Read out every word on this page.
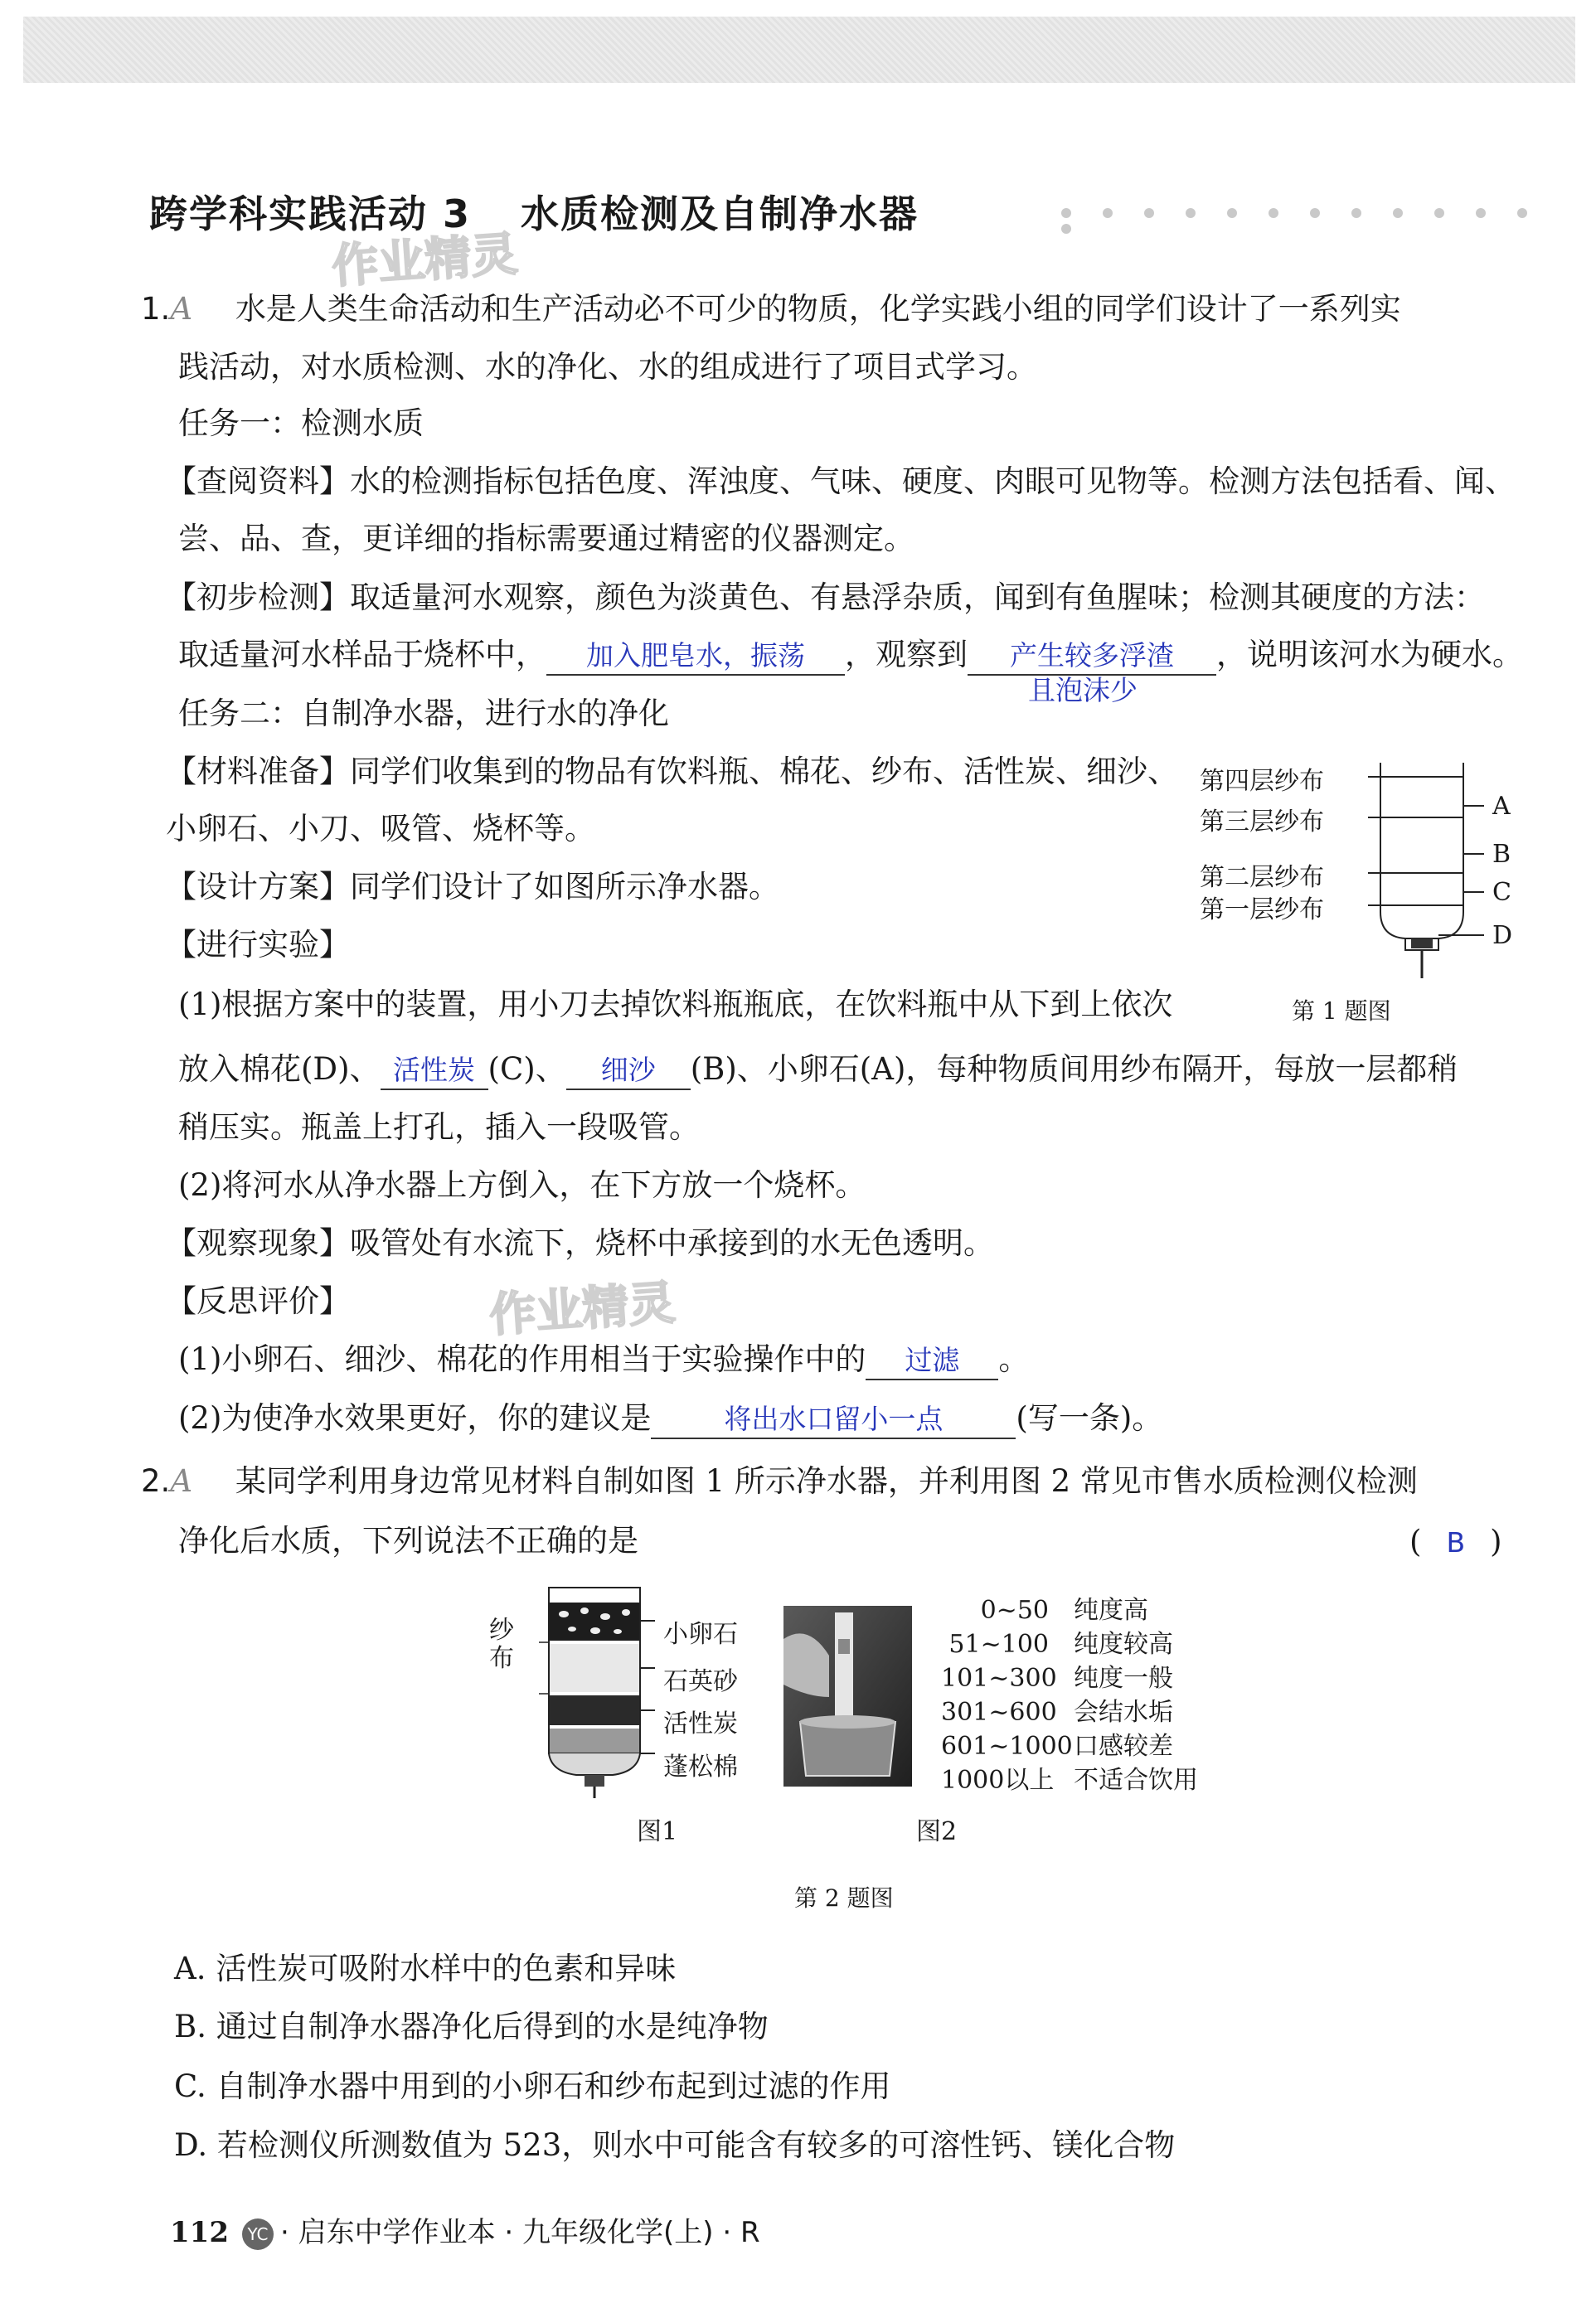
跨学科实践活动 3 水质检测及自制净水器
作业精灵
作业精灵
1.A 水是人类生命活动和生产活动必不可少的物质，化学实践小组的同学们设计了一系列实
践活动，对水质检测、水的净化、水的组成进行了项目式学习。
任务一：检测水质
【查阅资料】水的检测指标包括色度、浑浊度、气味、硬度、肉眼可见物等。检测方法包括看、闻、
尝、品、查，更详细的指标需要通过精密的仪器测定。
【初步检测】取适量河水观察，颜色为淡黄色、有悬浮杂质，闻到有鱼腥味；检测其硬度的方法：
取适量河水样品于烧杯中， 加入肥皂水，振荡 ，观察到 产生较多浮渣 ，说明该河水为硬水。
且泡沫少
任务二：自制净水器，进行水的净化
【材料准备】同学们收集到的物品有饮料瓶、棉花、纱布、活性炭、细沙、
小卵石、小刀、吸管、烧杯等。
【设计方案】同学们设计了如图所示净水器。
【进行实验】
(1)根据方案中的装置，用小刀去掉饮料瓶瓶底，在饮料瓶中从下到上依次
放入棉花(D)、 活性炭 (C)、 细沙 (B)、小卵石(A)，每种物质间用纱布隔开，每放一层都稍
稍压实。瓶盖上打孔，插入一段吸管。
(2)将河水从净水器上方倒入，在下方放一个烧杯。
【观察现象】吸管处有水流下，烧杯中承接到的水无色透明。
【反思评价】
(1)小卵石、细沙、棉花的作用相当于实验操作中的 过滤 。
(2)为使净水效果更好，你的建议是	将出水口留小一点 (写一条)。
第四层纱布
第三层纱布
第二层纱布
第一层纱布
A
B
C
D
第 1 题图
2.A 某同学利用身边常见材料自制如图 1 所示净水器，并利用图 2 常见市售水质检测仪检测
净化后水质，下列说法不正确的是	( B )
纱
布
小卵石
石英砂
活性炭
蓬松棉
图1	图2
0~50 纯度高
51~100 纯度较高
101~300 纯度一般
301~600 会结水垢
601~1000口感较差
1000以上 不适合饮用
第 2 题图
A. 活性炭可吸附水样中的色素和异味
B. 通过自制净水器净化后得到的水是纯净物
C. 自制净水器中用到的小卵石和纱布起到过滤的作用
D. 若检测仪所测数值为 523，则水中可能含有较多的可溶性钙、镁化合物
112 YC · 启东中学作业本 · 九年级化学(上) · R
